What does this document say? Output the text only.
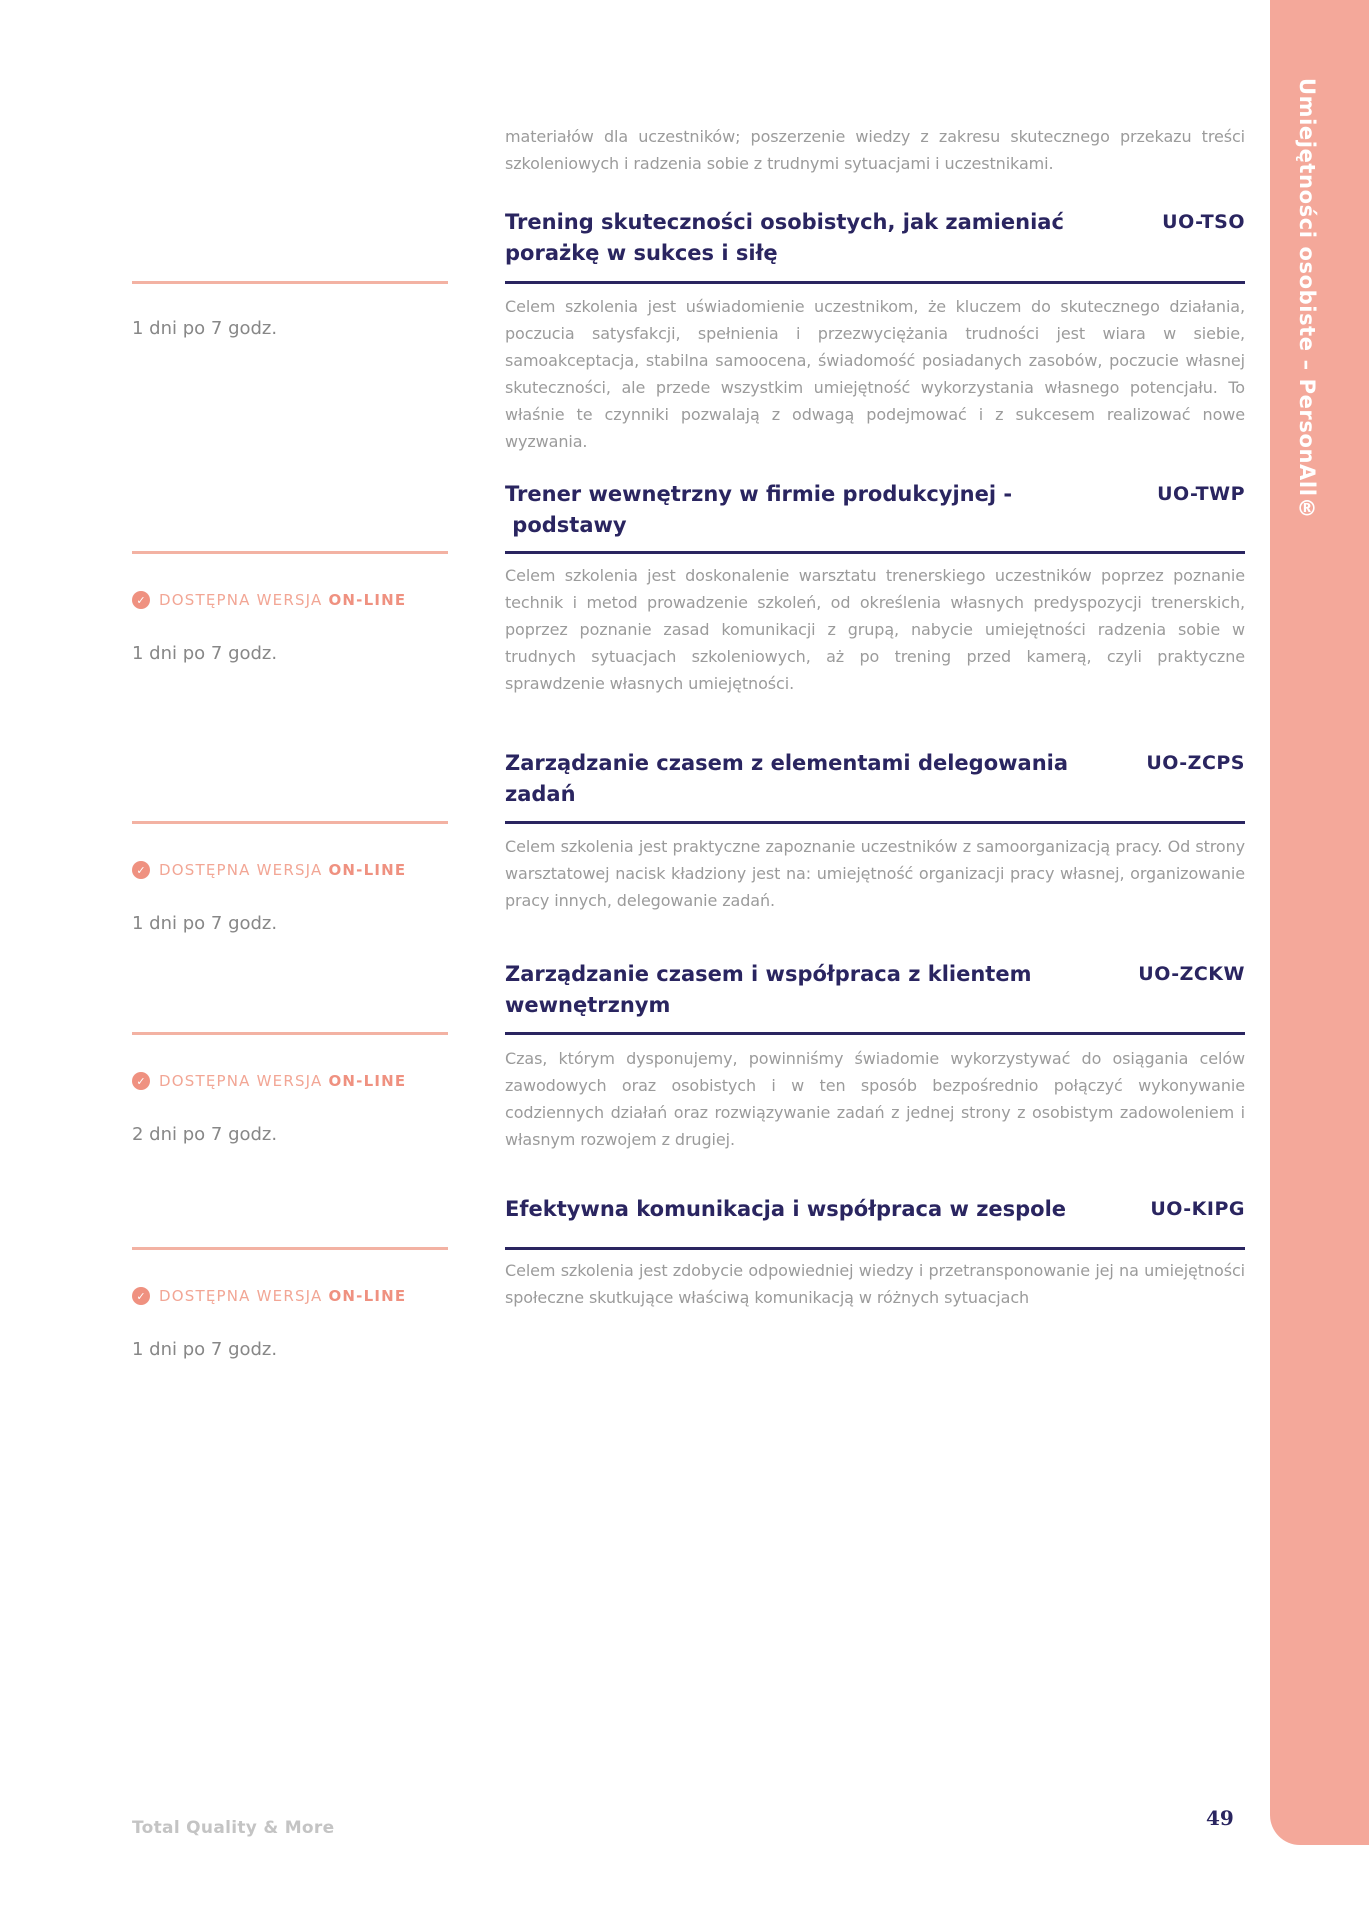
Umiejętności osobiste – PersonAll®

materiałów dla uczestników; poszerzenie wiedzy z zakresu skutecznego przekazu treści szkoleniowych i radzenia sobie z trudnymi sytuacjami i uczestnikami.

Trening skuteczności osobistych, jak zamieniać porażkę w sukces i siłę
UO-TSO

Celem szkolenia jest uświadomienie uczestnikom, że kluczem do skutecznego działania, poczucia satysfakcji, spełnienia i przezwyciężania trudności jest wiara w siebie, samoakceptacja, stabilna samoocena, świadomość posiadanych zasobów, poczucie własnej skuteczności, ale przede wszystkim umiejętność wykorzystania własnego potencjału. To właśnie te czynniki pozwalają z odwagą podejmować i z sukcesem realizować nowe wyzwania.

1 dni po 7 godz.
Trener wewnętrzny w firmie produkcyjnej - podstawy
UO-TWP

Celem szkolenia jest doskonalenie warsztatu trenerskiego uczestników poprzez poznanie technik i metod prowadzenie szkoleń, od określenia własnych predyspozycji trenerskich, poprzez poznanie zasad komunikacji z grupą, nabycie umiejętności radzenia sobie w trudnych sytuacjach szkoleniowych, aż po trening przed kamerą, czyli praktyczne sprawdzenie własnych umiejętności.

✓ DOSTĘPNA WERSJA ON-LINE
1 dni po 7 godz.
Zarządzanie czasem z elementami delegowania zadań
UO-ZCPS

Celem szkolenia jest praktyczne zapoznanie uczestników z samoorganizacją pracy. Od strony warsztatowej nacisk kładziony jest na: umiejętność organizacji pracy własnej, organizowanie pracy innych, delegowanie zadań.

✓ DOSTĘPNA WERSJA ON-LINE
1 dni po 7 godz.
Zarządzanie czasem i współpraca z klientem wewnętrznym
UO-ZCKW

Czas, którym dysponujemy, powinniśmy świadomie wykorzystywać do osiągania celów zawodowych oraz osobistych i w ten sposób bezpośrednio połączyć wykonywanie codziennych działań oraz rozwiązywanie zadań z jednej strony z osobistym zadowoleniem i własnym rozwojem z drugiej.

✓ DOSTĘPNA WERSJA ON-LINE
2 dni po 7 godz.
Efektywna komunikacja i współpraca w zespole	UO-KIPG

Celem szkolenia jest zdobycie odpowiedniej wiedzy i przetransponowanie jej na umiejętności społeczne skutkujące właściwą komunikacją w różnych sytuacjach

✓ DOSTĘPNA WERSJA ON-LINE
1 dni po 7 godz.
Total Quality & More	49
